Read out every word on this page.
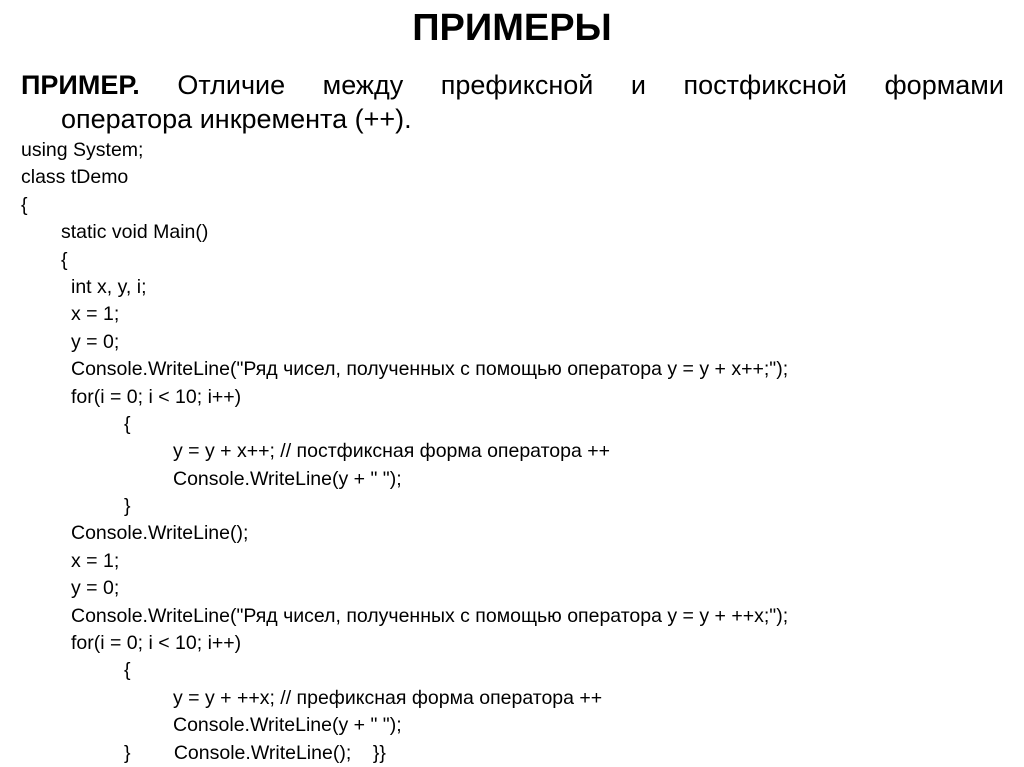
ПРИМЕРЫ
ПРИМЕР. Отличие между префиксной и постфиксной формами
оператора инкремента (++).
using System;
class tDemo
{
static void Main()
{
int x, y, i;
x = 1;
y = 0;
Console.WriteLine("Ряд чисел, полученных с помощью оператора y = y + x++;");
for(i = 0; i < 10; i++)
{
y = y + x++; // постфиксная форма оператора ++
Console.WriteLine(y + " ");
}
Console.WriteLine();
x = 1;
y = 0;
Console.WriteLine("Ряд чисел, полученных с помощью оператора y = y + ++x;");
for(i = 0; i < 10; i++)
{
y = y + ++x; // префиксная форма оператора ++
Console.WriteLine(y + " ");
}        Console.WriteLine();    }}
